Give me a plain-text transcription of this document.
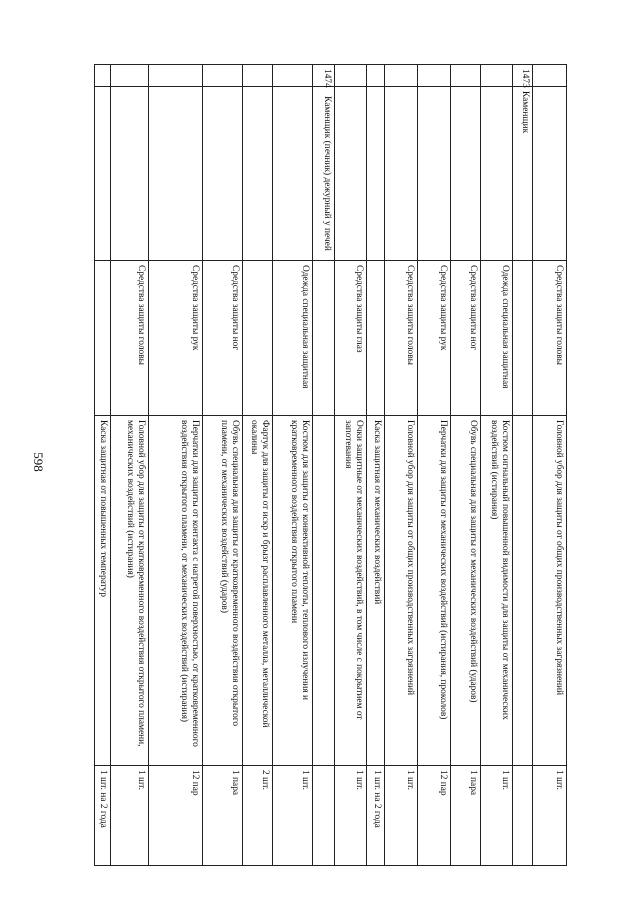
598
		Средства защиты головы	Головной убор для защиты от общих производственных загрязнений	1 шт.
1473	Каменщик			
		Одежда специальная защитная	Костюм сигнальный повышенной видимости для защиты от механических воздействий (истирания)	1 шт.
		Средства защиты ног	Обувь специальная для защиты от механических воздействий (ударов)	1 пара
		Средства защиты рук	Перчатки для защиты от механических воздействий (истирания, проколов)	12 пар
		Средства защиты головы	Головной убор для защиты от общих производственных загрязнений	1 шт.
			Каска защитная от механических воздействий	1 шт. на 2 года
		Средства защиты глаз	Очки защитные от механических воздействий, в том числе с покрытием от запотевания	1 шт.
1474	Каменщик (печник) дежурный у печей			
		Одежда специальная защитная	Костюм для защиты от конвективной теплоты, теплового излучения и кратковременного воздействия открытого пламени	1 шт.
			Фартук для защиты от искр и брызг расплавленного металла, металлической окалины	2 шт.
		Средства защиты ног	Обувь специальная для защиты от кратковременного воздействия открытого пламени, от механических воздействий (ударов)	1 пара
		Средства защиты рук	Перчатки для защиты от контакта с нагретой поверхностью, от кратковременного воздействия открытого пламени, от механических воздействий (истирания)	12 пар
		Средства защиты головы	Головной убор для защиты от кратковременного воздействия открытого пламени, механических воздействий (истирания)	1 шт.
			Каска защитная от повышенных температур	1 шт. на 2 года
